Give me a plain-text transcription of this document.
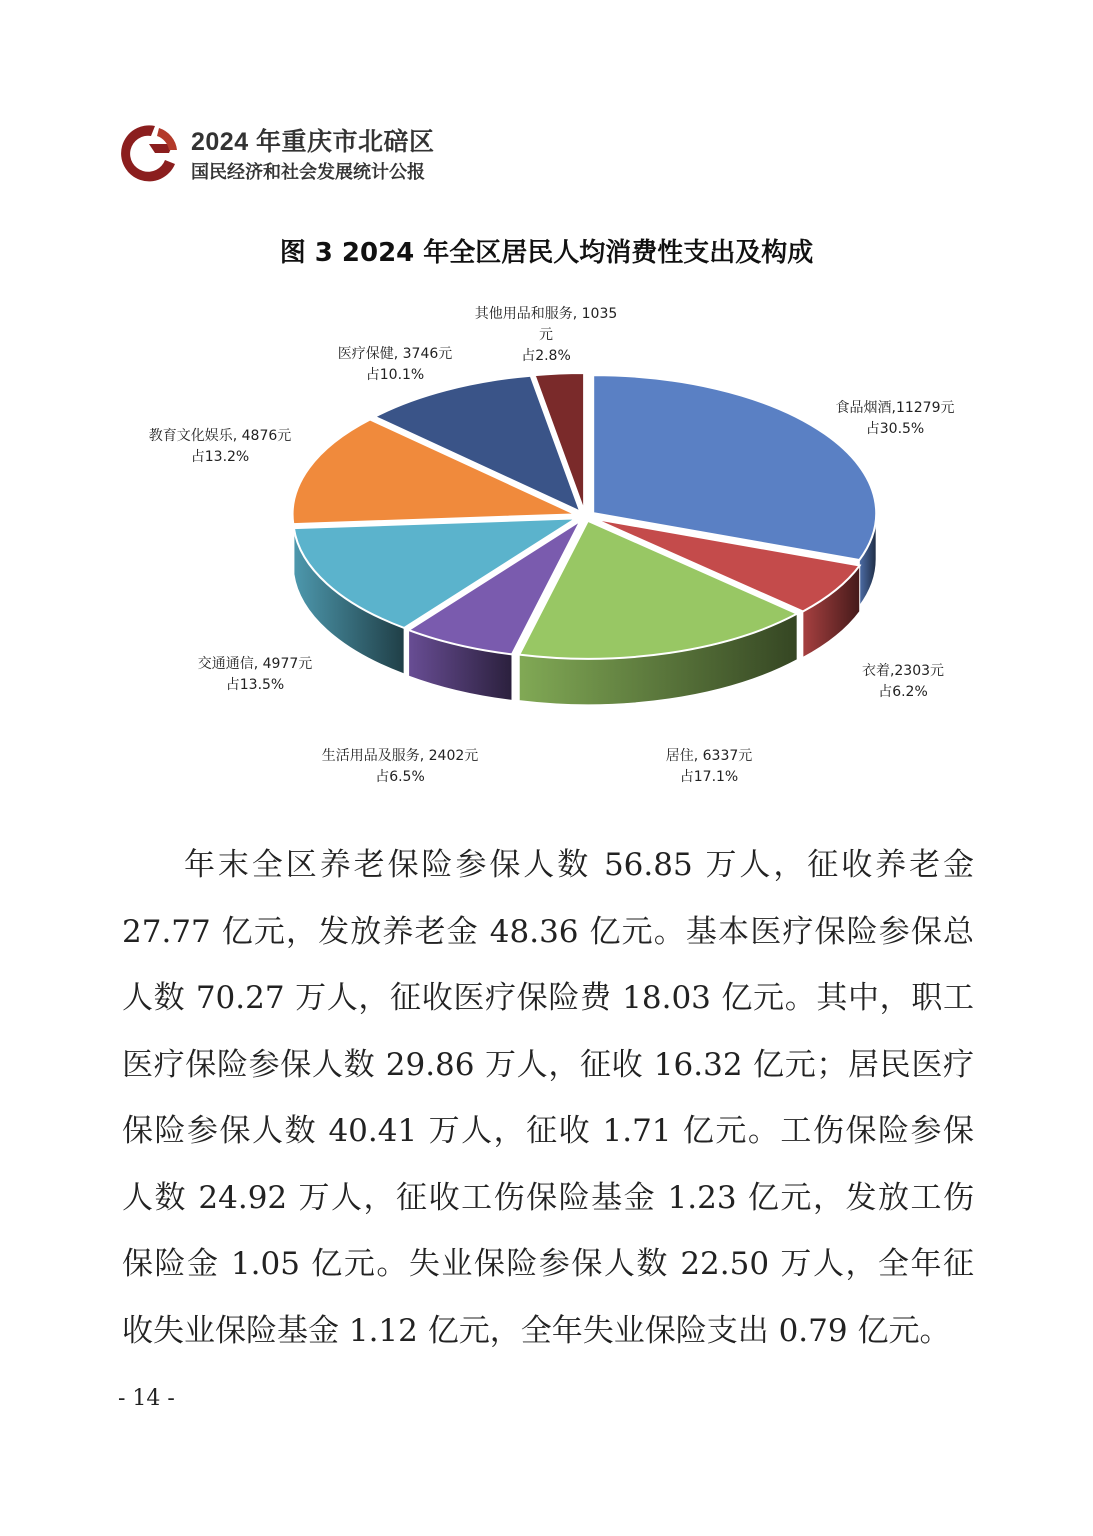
2024 年重庆市北碚区
国民经济和社会发展统计公报
图 3 2024 年全区居民人均消费性支出及构成
食品烟酒,11279元
占30.5%
衣着,2303元
占6.2%
居住, 6337元
占17.1%
生活用品及服务, 2402元
占6.5%
交通通信, 4977元
占13.5%
教育文化娱乐, 4876元
占13.2%
医疗保健, 3746元
占10.1%
其他用品和服务, 1035
元
占2.8%
年末全区养老保险参保人数 56.85 万人，征收养老金
27.77 亿元，发放养老金 48.36 亿元。基本医疗保险参保总
人数 70.27 万人，征收医疗保险费 18.03 亿元。其中，职工
医疗保险参保人数 29.86 万人，征收 16.32 亿元；居民医疗
保险参保人数 40.41 万人，征收 1.71 亿元。工伤保险参保
人数 24.92 万人，征收工伤保险基金 1.23 亿元，发放工伤
保险金 1.05 亿元。失业保险参保人数 22.50 万人，全年征
收失业保险基金 1.12 亿元，全年失业保险支出 0.79 亿元。
- 14 -
